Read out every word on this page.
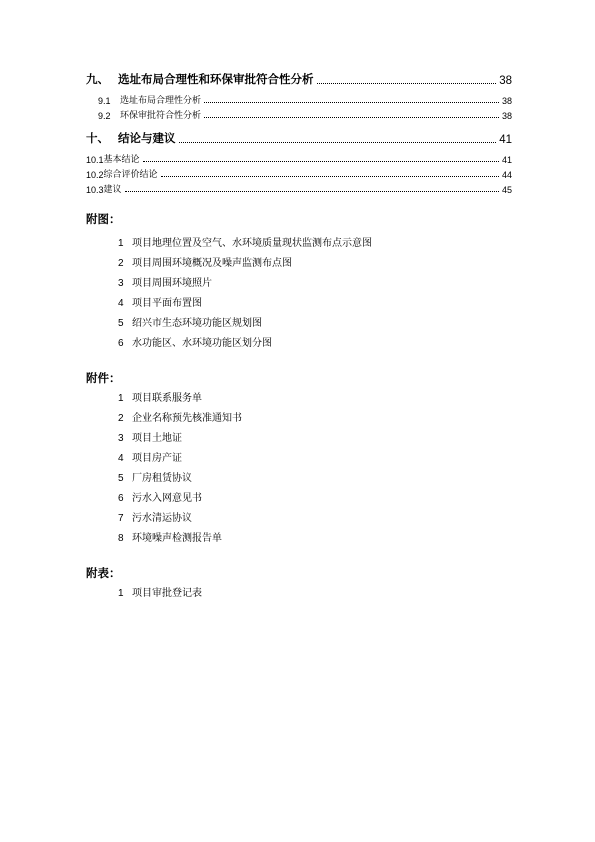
九、 选址布局合理性和环保审批符合性分析	38
9.1	选址布局合理性分析	38
9.2	环保审批符合性分析	38
十、 结论与建议	41
10.1 基本结论	41
10.2 综合评价结论	44
10.3 建议	45
附图：
1 项目地理位置及空气、水环境质量现状监测布点示意图
2 项目周围环境概况及噪声监测布点图
3 项目周围环境照片
4 项目平面布置图
5 绍兴市生态环境功能区规划图
6 水功能区、水环境功能区划分图
附件：
1 项目联系服务单
2 企业名称预先核准通知书
3 项目土地证
4 项目房产证
5 厂房租赁协议
6 污水入网意见书
7 污水清运协议
8 环境噪声检测报告单
附表：
1 项目审批登记表
